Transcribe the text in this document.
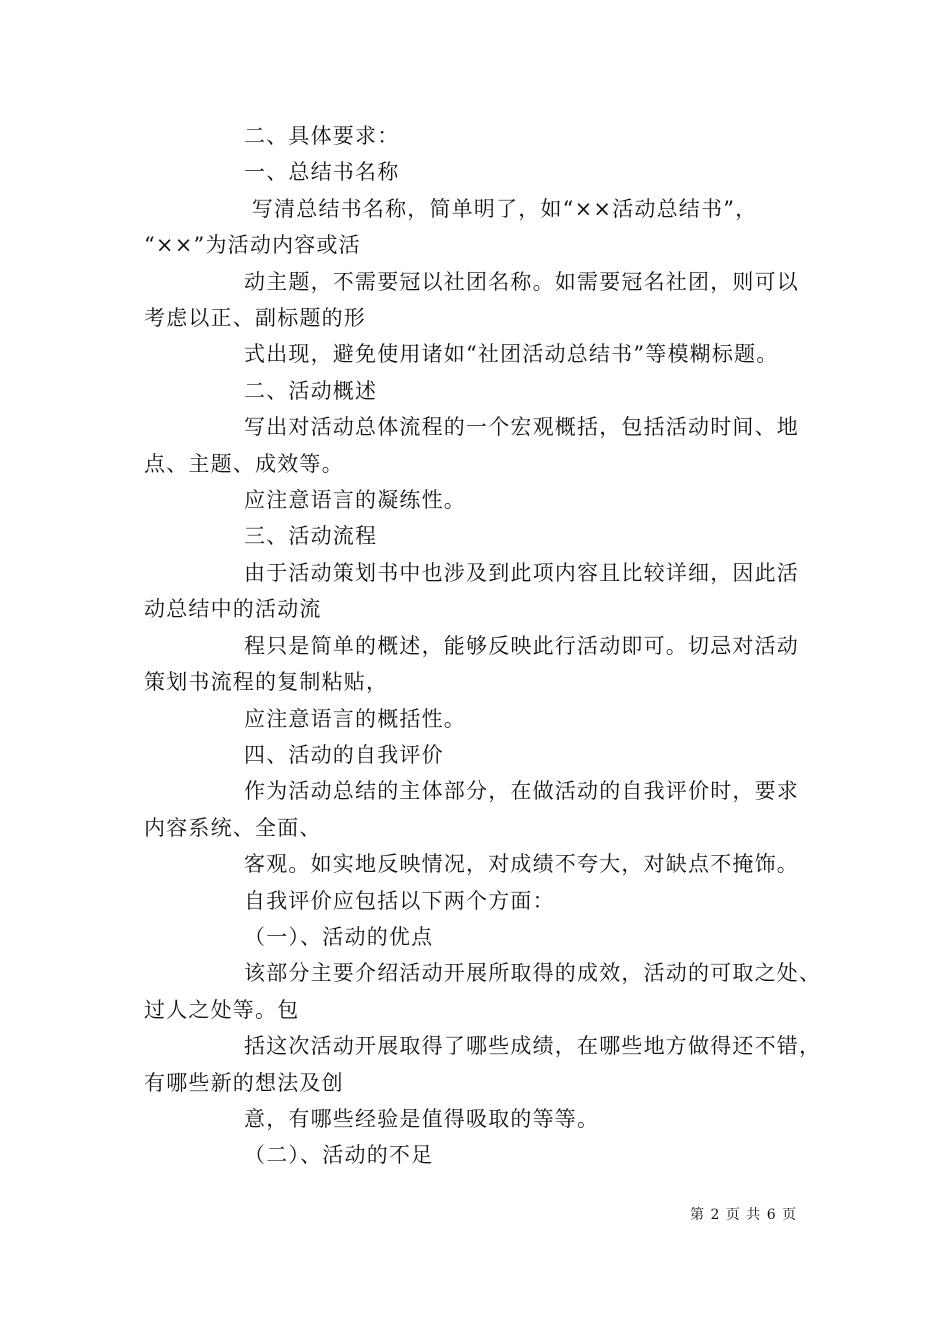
二、具体要求：

一、总结书名称

写清总结书名称，简单明了，如“××活动总结书”，

“××”为活动内容或活

动主题，不需要冠以社团名称。如需要冠名社团，则可以

考虑以正、副标题的形

式出现，避免使用诸如“社团活动总结书”等模糊标题。

二、活动概述

写出对活动总体流程的一个宏观概括，包括活动时间、地

点、主题、成效等。

应注意语言的凝练性。

三、活动流程

由于活动策划书中也涉及到此项内容且比较详细，因此活

动总结中的活动流

程只是简单的概述，能够反映此行活动即可。切忌对活动

策划书流程的复制粘贴，

应注意语言的概括性。

四、活动的自我评价

作为活动总结的主体部分，在做活动的自我评价时，要求

内容系统、全面、

客观。如实地反映情况，对成绩不夸大，对缺点不掩饰。

自我评价应包括以下两个方面：

（一）、活动的优点

该部分主要介绍活动开展所取得的成效，活动的可取之处、

过人之处等。包

括这次活动开展取得了哪些成绩，在哪些地方做得还不错，

有哪些新的想法及创

意，有哪些经验是值得吸取的等等。

（二）、活动的不足

第 2 页 共 6 页
